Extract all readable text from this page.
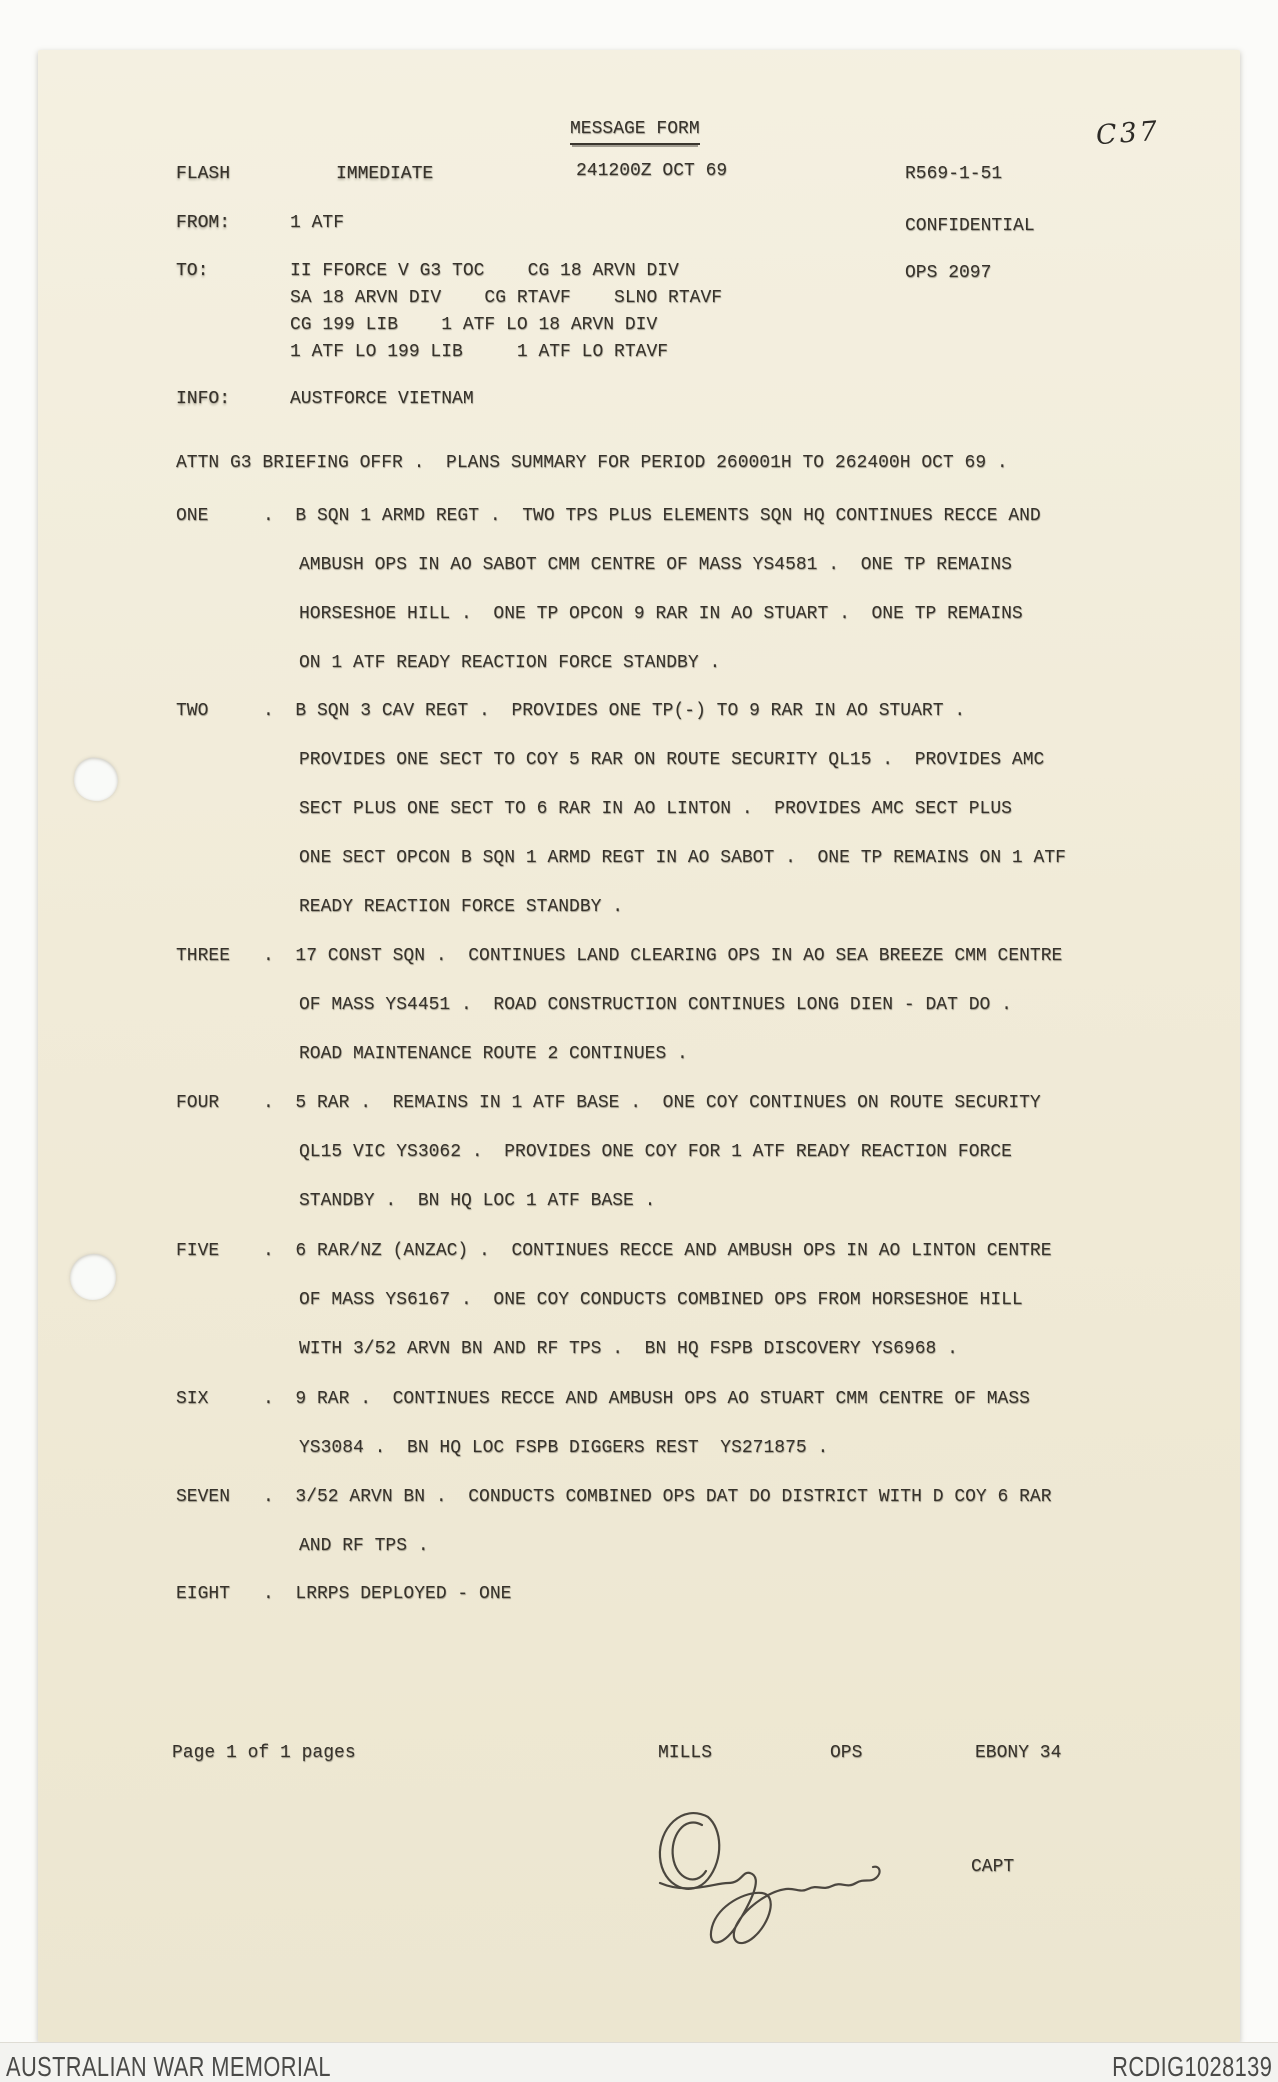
MESSAGE FORM	C37
FLASH	IMMEDIATE	241200Z OCT 69	R569-1-51
FROM:	1 ATF	CONFIDENTIAL
TO:	II FFORCE V G3 TOC    CG 18 ARVN DIV
SA 18 ARVN DIV    CG RTAVF    SLNO RTAVF
CG 199 LIB    1 ATF LO 18 ARVN DIV
1 ATF LO 199 LIB     1 ATF LO RTAVF
OPS 2097
INFO:	AUSTFORCE VIETNAM
ATTN G3 BRIEFING OFFR .  PLANS SUMMARY FOR PERIOD 260001H TO 262400H OCT 69 .
ONE	.  B SQN 1 ARMD REGT .  TWO TPS PLUS ELEMENTS SQN HQ CONTINUES RECCE AND
AMBUSH OPS IN AO SABOT CMM CENTRE OF MASS YS4581 .  ONE TP REMAINS
HORSESHOE HILL .  ONE TP OPCON 9 RAR IN AO STUART .  ONE TP REMAINS
ON 1 ATF READY REACTION FORCE STANDBY .
TWO	.  B SQN 3 CAV REGT .  PROVIDES ONE TP(-) TO 9 RAR IN AO STUART .
PROVIDES ONE SECT TO COY 5 RAR ON ROUTE SECURITY QL15 .  PROVIDES AMC
SECT PLUS ONE SECT TO 6 RAR IN AO LINTON .  PROVIDES AMC SECT PLUS
ONE SECT OPCON B SQN 1 ARMD REGT IN AO SABOT .  ONE TP REMAINS ON 1 ATF
READY REACTION FORCE STANDBY .
THREE .  17 CONST SQN .  CONTINUES LAND CLEARING OPS IN AO SEA BREEZE CMM CENTRE
OF MASS YS4451 .  ROAD CONSTRUCTION CONTINUES LONG DIEN - DAT DO .
ROAD MAINTENANCE ROUTE 2 CONTINUES .
FOUR .  5 RAR .  REMAINS IN 1 ATF BASE .  ONE COY CONTINUES ON ROUTE SECURITY
QL15 VIC YS3062 .  PROVIDES ONE COY FOR 1 ATF READY REACTION FORCE
STANDBY .  BN HQ LOC 1 ATF BASE .
FIVE .  6 RAR/NZ (ANZAC) .  CONTINUES RECCE AND AMBUSH OPS IN AO LINTON CENTRE
OF MASS YS6167 .  ONE COY CONDUCTS COMBINED OPS FROM HORSESHOE HILL
WITH 3/52 ARVN BN AND RF TPS .  BN HQ FSPB DISCOVERY YS6968 .
SIX	.  9 RAR .  CONTINUES RECCE AND AMBUSH OPS AO STUART CMM CENTRE OF MASS
YS3084 .  BN HQ LOC FSPB DIGGERS REST  YS271875 .
SEVEN .  3/52 ARVN BN .  CONDUCTS COMBINED OPS DAT DO DISTRICT WITH D COY 6 RAR
AND RF TPS .
EIGHT .  LRRPS DEPLOYED - ONE
Page 1 of 1 pages	MILLS	OPS	EBONY 34
CAPT
AUSTRALIAN WAR MEMORIAL	RCDIG1028139
